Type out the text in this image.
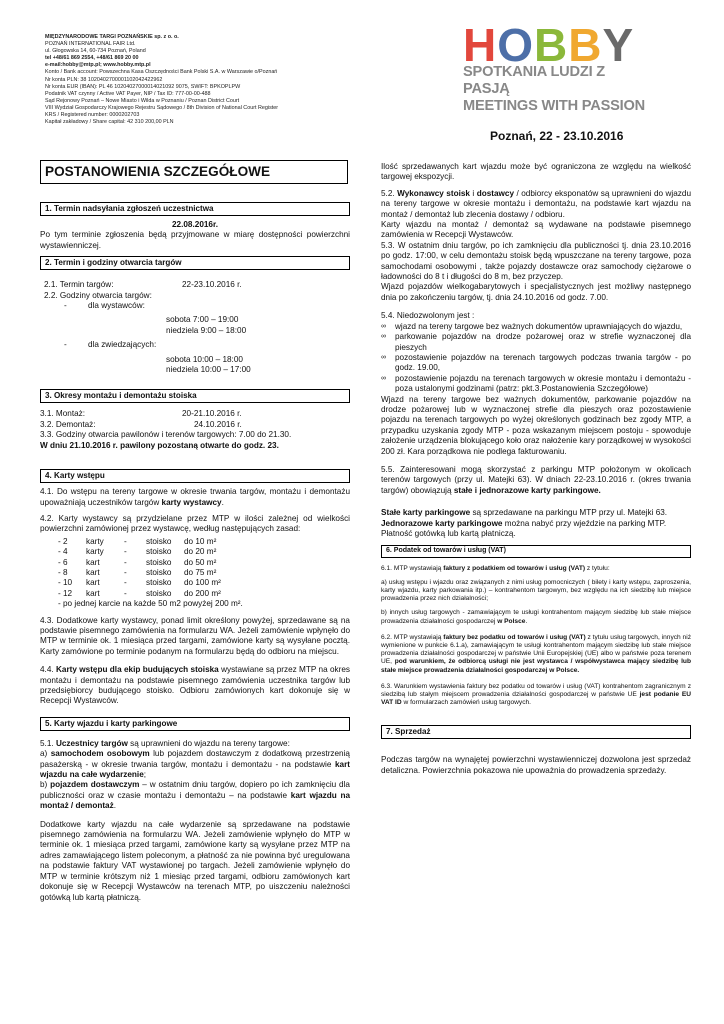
MIĘDZYNARODOWE TARGI POZNAŃSKIE sp. z o. o.
POZNAŃ INTERNATIONAL FAIR Ltd.
ul. Głogowska 14, 60-734 Poznań, Poland
tel +48/61 869 2554, +48/61 869 20 00
e-mail:hobby@mtp.pl; www.hobby.mtp.pl
Konto / Bank account: Powszechna Kasa Oszczędności Bank Polski S.A. w Warszawie o/Poznań
Nr konta PLN: 38 1020402700001102042422962
Nr konta EUR (IBAN): PL 46 10204027000014021092 9075, SWIFT: BPKOPLPW
Podatnik VAT czynny / Active VAT Payer, NIP / Tax ID: 777-00-00-488
Sąd Rejonowy Poznań – Nowe Miasto i Wilda w Poznaniu / Poznan District Court
VIII Wydział Gospodarczy Krajowego Rejestru Sądowego / 8th Division of National Court Register
KRS / Registered number: 0000202703
Kapitał zakładowy / Share capital: 42 310 200,00 PLN
H O B B Y
SPOTKANIA LUDZI Z PASJĄ
MEETINGS WITH PASSION
Poznań, 22 - 23.10.2016
POSTANOWIENIA SZCZEGÓŁOWE
1. Termin nadsyłania zgłoszeń uczestnictwa
22.08.2016r.
Po tym terminie zgłoszenia będą przyjmowane w miarę dostępności powierzchni wystawienniczej.
2. Termin i godziny otwarcia targów
2.1. Termin targów:	22-23.10.2016 r.
2.2. Godziny otwarcia targów:
-	dla wystawców:
sobota 7:00 – 19:00
niedziela 9:00 – 18:00
-	dla zwiedzających:
sobota 10:00 – 18:00
niedziela 10:00 – 17:00
3. Okresy montażu i demontażu stoiska
3.1. Montaż:	20-21.10.2016 r.
3.2. Demontaż:	24.10.2016 r.
3.3. Godziny otwarcia pawilonów i terenów targowych: 7.00 do 21.30.
W dniu 21.10.2016 r. pawilony pozostaną otwarte do godz. 23.
4. Karty wstępu
4.1. Do wstępu na tereny targowe w okresie trwania targów, montażu i demontażu upoważniają uczestników targów karty wystawcy.
4.2. Karty wystawcy są przydzielane przez MTP w ilości zależnej od wielkości powierzchni zamówionej przez wystawcę, według następujących zasad:
- 2	karty	-	stoisko	do 10 m²
- 4	karty	-	stoisko	do 20 m²
- 6	kart	-	stoisko	do 50 m²
- 8	kart	-	stoisko	do 75 m²
- 10	kart	-	stoisko	do 100 m²
- 12	kart	-	stoisko	do 200 m²
- po jednej karcie na każde 50 m2 powyżej 200 m².
4.3. Dodatkowe karty wystawcy, ponad limit określony powyżej, sprzedawane są na podstawie pisemnego zamówienia na formularzu WA. Jeżeli zamówienie wpłynęło do MTP w terminie ok. 1 miesiąca przed targami, zamówione karty są wysyłane pocztą. Karty zamówione po terminie podanym na formularzu będą do odbioru na miejscu.
4.4. Karty wstępu dla ekip budujących stoiska wystawiane są przez MTP na okres montażu i demontażu na podstawie pisemnego zamówienia uczestnika targów lub przedsiębiorcy budującego stoisko. Odbioru zamówionych kart dokonuje się w Recepcji Wystawców.
5. Karty wjazdu i karty parkingowe
5.1. Uczestnicy targów są uprawnieni do wjazdu na tereny targowe:
a) samochodem osobowym lub pojazdem dostawczym z dodatkową przestrzenią pasażerską - w okresie trwania targów, montażu i demontażu - na podstawie kart wjazdu na całe wydarzenie;
b) pojazdem dostawczym – w ostatnim dniu targów, dopiero po ich zamknięciu dla publiczności oraz w czasie montażu i demontażu – na podstawie kart wjazdu na montaż / demontaż.
Dodatkowe karty wjazdu na całe wydarzenie są sprzedawane na podstawie pisemnego zamówienia na formularzu WA. Jeżeli zamówienie wpłynęło do MTP w terminie ok. 1 miesiąca przed targami, zamówione karty są wysyłane przez MTP na adres zamawiającego listem poleconym, a płatność za nie powinna być uregulowana na podstawie faktury VAT wystawionej po targach. Jeżeli zamówienie wpłynęło do MTP w terminie krótszym niż 1 miesiąc przed targami, odbioru zamówionych kart dokonuje się w Recepcji Wystawców na terenach MTP, po uiszczeniu należności gotówką lub kartą płatniczą.
Ilość sprzedawanych kart wjazdu może być ograniczona ze względu na wielkość targowej ekspozycji.
5.2. Wykonawcy stoisk i dostawcy / odbiorcy eksponatów są uprawnieni do wjazdu na tereny targowe w okresie montażu i demontażu, na podstawie kart wjazdu na montaż / demontaż lub zlecenia dostawy / odbioru.
Karty wjazdu na montaż / demontaż są wydawane na podstawie pisemnego zamówienia w Recepcji Wystawców.
5.3. W ostatnim dniu targów, po ich zamknięciu dla publiczności tj. dnia 23.10.2016 po godz. 17:00, w celu demontażu stoisk będą wpuszczane na tereny targowe, poza samochodami osobowymi , także pojazdy dostawcze oraz samochody ciężarowe o ładowności do 8 t i długości do 8 m, bez przyczep.
Wjazd pojazdów wielkogabarytowych i specjalistycznych jest możliwy następnego dnia po zakończeniu targów, tj. dnia 24.10.2016 od godz. 7.00.
5.4. Niedozwolonym jest :
∞	wjazd na tereny targowe bez ważnych dokumentów uprawniających do wjazdu,
∞	parkowanie pojazdów na drodze pożarowej oraz w strefie wyznaczonej dla pieszych
∞	pozostawienie pojazdów na terenach targowych podczas trwania targów - po godz. 19.00,
∞	pozostawienie pojazdu na terenach targowych w okresie montażu i demontażu - poza ustalonymi godzinami (patrz: pkt.3.Postanowienia Szczegółowe)
Wjazd na tereny targowe bez ważnych dokumentów, parkowanie pojazdów na drodze pożarowej lub w wyznaczonej strefie dla pieszych oraz pozostawienie pojazdu na terenach targowych po wyżej określonych godzinach bez zgody MTP, a przypadku uzyskania zgody MTP - poza wskazanym miejscem postoju - spowoduje założenie urządzenia blokującego koło oraz nałożenie kary porządkowej w wysokości 200 zł. Kara porządkowa nie podlega fakturowaniu.
5.5. Zainteresowani mogą skorzystać z parkingu MTP położonym w okolicach terenów targowych (przy ul. Matejki 63). W dniach 22-23.10.2016 r. (okres trwania targów) obowiązują stałe i jednorazowe karty parkingowe.
Stałe karty parkingowe są sprzedawane na parkingu MTP przy ul. Matejki 63.
Jednorazowe karty parkingowe można nabyć przy wjeździe na parking MTP.
Płatność gotówką lub kartą płatniczą.
6. Podatek od towarów i usług (VAT)
6.1. MTP wystawiają faktury z podatkiem od towarów i usług (VAT) z tytułu:
a) usług wstępu i wjazdu oraz związanych z nimi usług pomocniczych ( bilety i karty wstępu, zaproszenia, karty wjazdu, karty parkowania itp.) – kontrahentom targowym, bez względu na ich siedzibę lub miejsce prowadzenia przez nich działalności;
b) innych usług targowych - zamawiającym te usługi kontrahentom mającym siedzibę lub stałe miejsce prowadzenia działalności gospodarczej w Polsce.
6.2. MTP wystawiają faktury bez podatku od towarów i usług (VAT) z tytułu usług targowych, innych niż wymienione w punkcie 6.1.a), zamawiającym te usługi kontrahentom mającym siedzibę lub stałe miejsce prowadzenia działalności gospodarczej w państwie Unii Europejskiej (UE) albo w państwie poza terenem UE, pod warunkiem, że odbiorcą usługi nie jest wystawca / współwystawca mający siedzibę lub stałe miejsce prowadzenia działalności gospodarczej w Polsce.
6.3. Warunkiem wystawienia faktury bez podatku od towarów i usług (VAT) kontrahentom zagranicznym z siedzibą lub stałym miejscem prowadzenia działalności gospodarczej w państwie UE jest podanie EU VAT ID w formularzach zamówień usług targowych.
7. Sprzedaż
Podczas targów na wynajętej powierzchni wystawienniczej dozwolona jest sprzedaż detaliczna. Powierzchnia pokazowa nie upoważnia do prowadzenia sprzedaży.
